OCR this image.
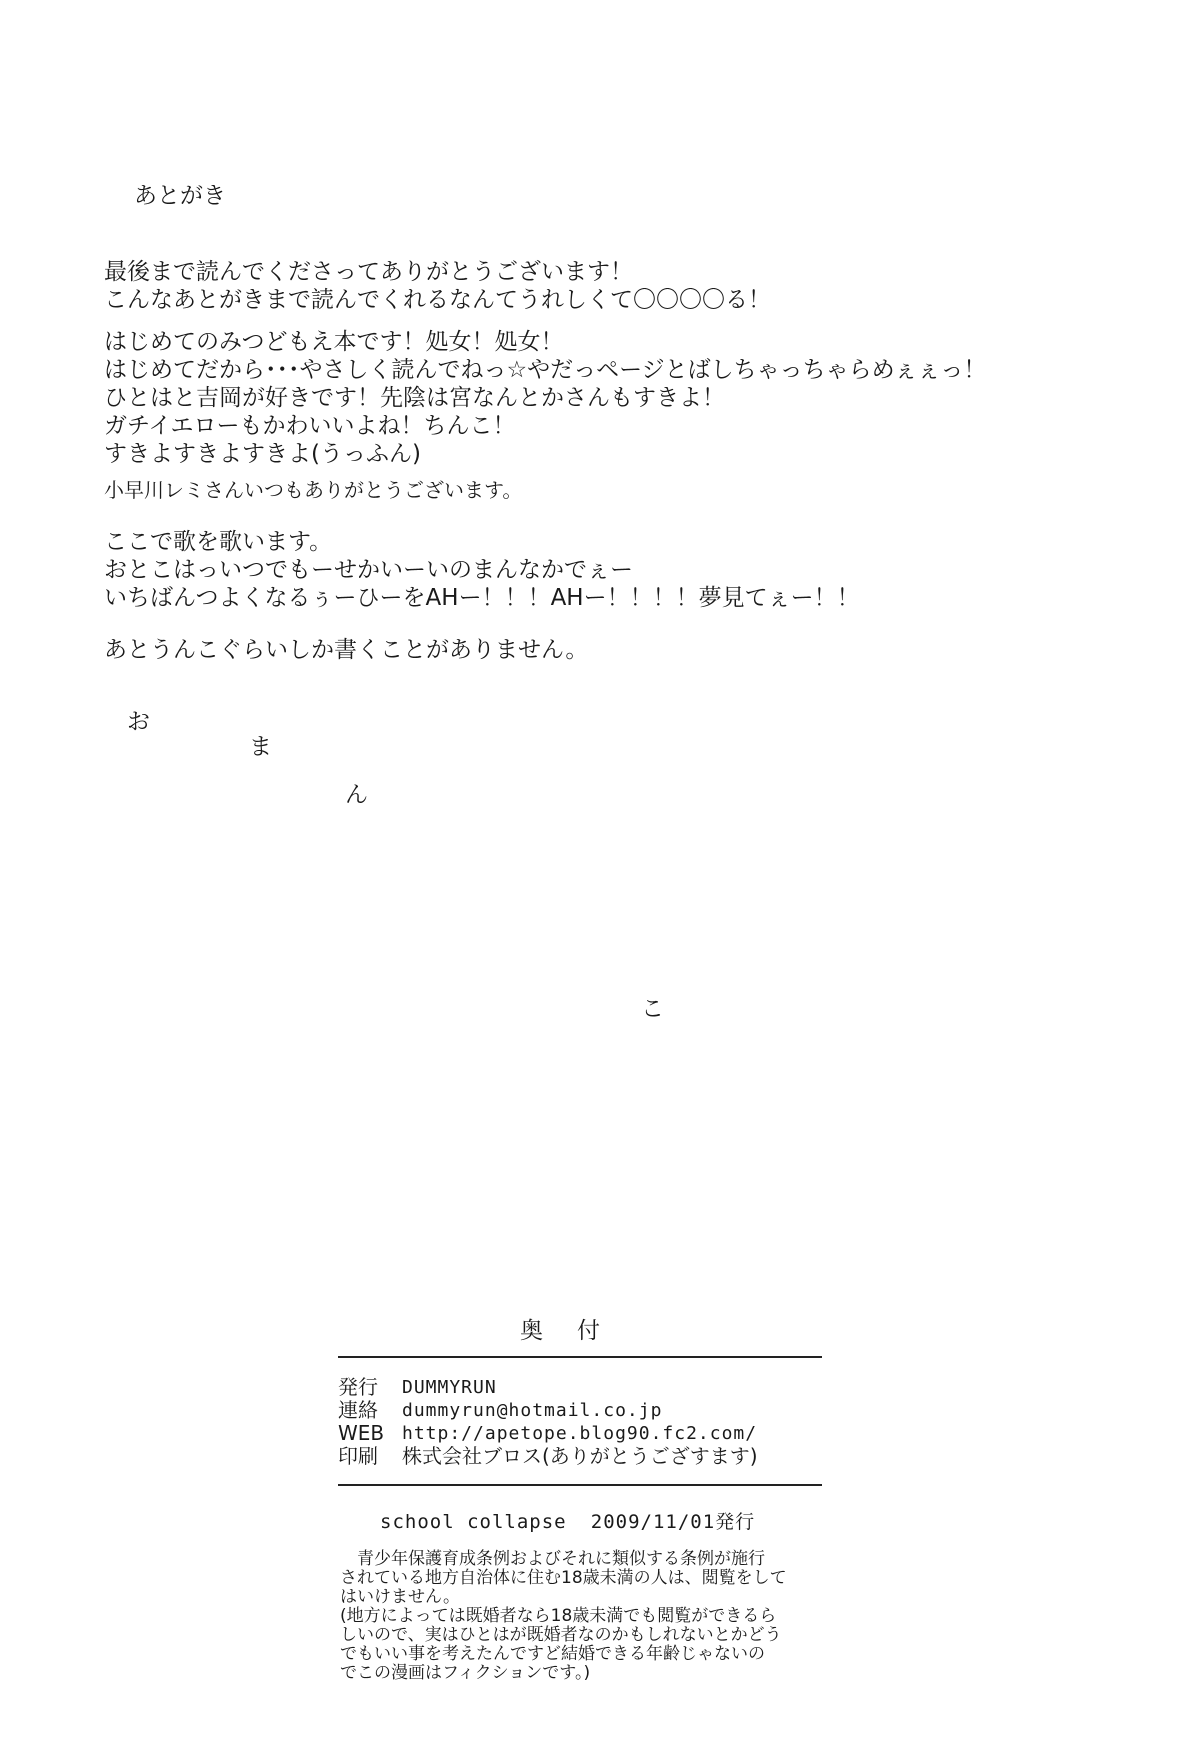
あとがき
最後まで読んでくださってありがとうございます！
こんなあとがきまで読んでくれるなんてうれしくて〇〇〇〇る！
はじめてのみつどもえ本です！処女！処女！
はじめてだから･･･やさしく読んでねっ☆やだっページとばしちゃっちゃらめぇぇっ！
ひとはと吉岡が好きです！先陰は宮なんとかさんもすきよ！
ガチイエローもかわいいよね！ちんこ！
すきよすきよすきよ(うっふん)
小早川レミさんいつもありがとうございます。
ここで歌を歌います。
おとこはっいつでもーせかいーいのまんなかでぇー
いちばんつよくなるぅーひーをAHー！！！AHー！！！！夢見てぇー！！
あとうんこぐらいしか書くことがありません。
お
ま
ん
こ
奥付
発行	DUMMYRUN
連絡	dummyrun@hotmail.co.jp
WEB http://apetope.blog90.fc2.com/
印刷	株式会社ブロス(ありがとうござすます)
school collapse 2009/11/01発行
　青少年保護育成条例およびそれに類似する条例が施行
されている地方自治体に住む18歳未満の人は、閲覧をして
はいけません。
(地方によっては既婚者なら18歳未満でも閲覧ができるら
しいので、実はひとはが既婚者なのかもしれないとかどう
でもいい事を考えたんですど結婚できる年齢じゃないの
でこの漫画はフィクションです。)
